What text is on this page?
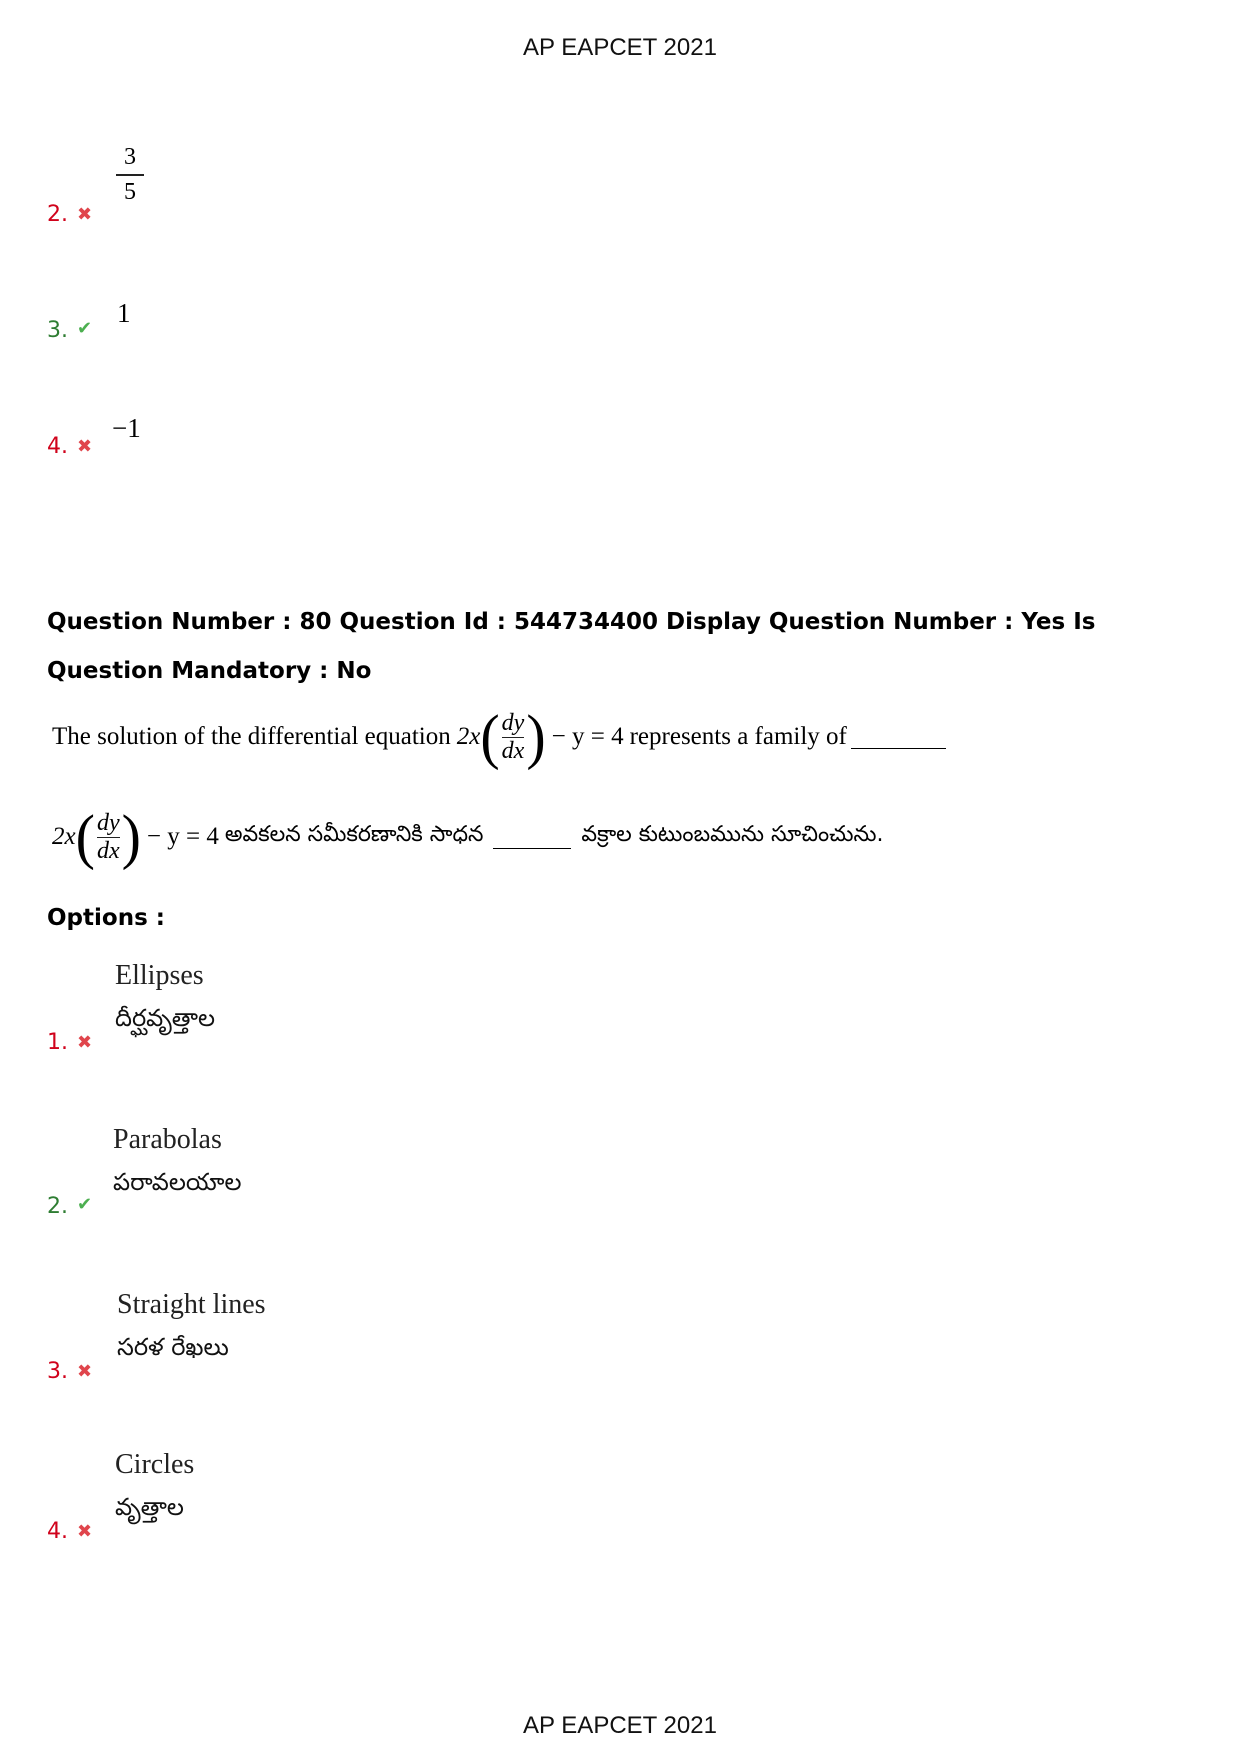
AP EAPCET 2021
2. ✖
3
5
3. ✔
1
4. ✖
−1
Question Number : 80 Question Id : 544734400 Display Question Number : Yes Is Question Mandatory : No
The solution of the differential equation 2x ( dy
dx ) − y = 4 represents a family of
2x ( dy
dx ) − y = 4 అవకలన సమీకరణానికి సాధన	వక్రాల కుటుంబమును సూచించును.
Options :
Ellipses
దీర్ఘవృత్తాల
1. ✖
Parabolas
పరావలయాల
2. ✔
Straight lines
సరళ రేఖలు
3. ✖
Circles
వృత్తాల
4. ✖
AP EAPCET 2021
